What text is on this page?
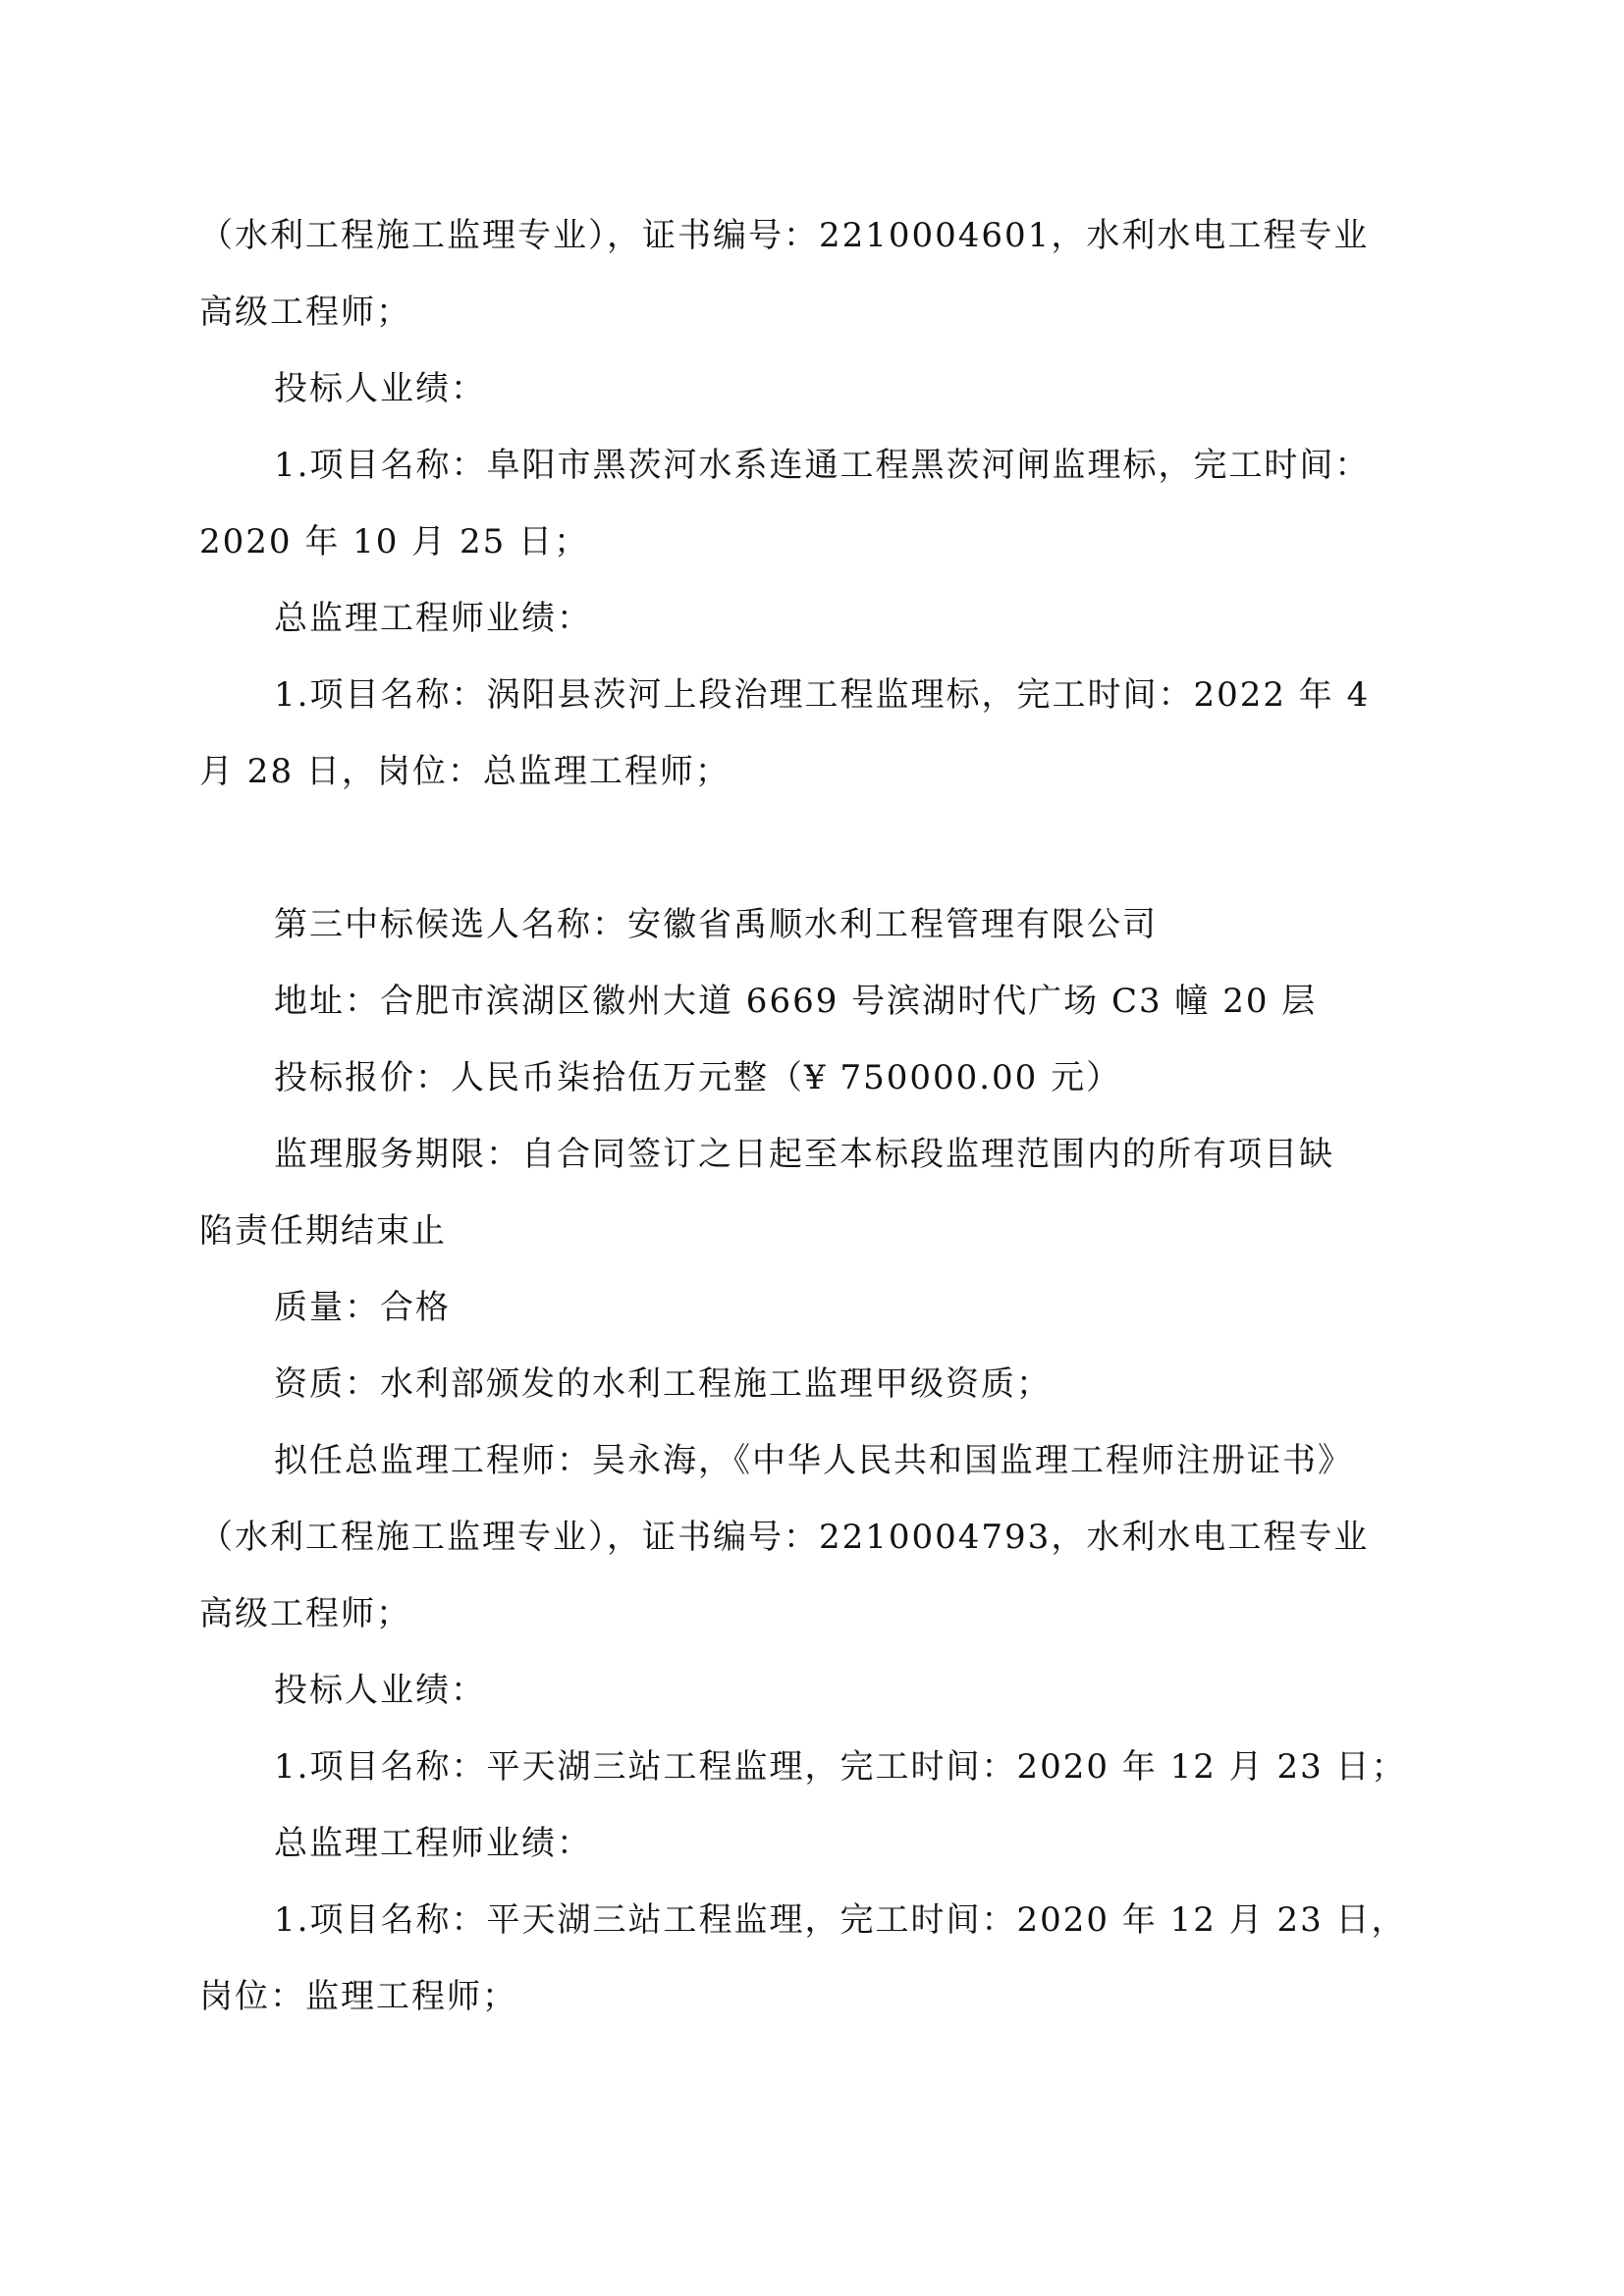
（水利工程施工监理专业），证书编号：2210004601，水利水电工程专业
高级工程师；
投标人业绩：
1.项目名称：阜阳市黑茨河水系连通工程黑茨河闸监理标，完工时间：
2020 年 10 月 25 日；
总监理工程师业绩：
1.项目名称：涡阳县茨河上段治理工程监理标，完工时间：2022 年 4
月 28 日，岗位：总监理工程师；
第三中标候选人名称：安徽省禹顺水利工程管理有限公司
地址：合肥市滨湖区徽州大道 6669 号滨湖时代广场 C3 幢 20 层
投标报价：人民币柒拾伍万元整（¥ 750000.00 元）
监理服务期限：自合同签订之日起至本标段监理范围内的所有项目缺
陷责任期结束止
质量：合格
资质：水利部颁发的水利工程施工监理甲级资质；
拟任总监理工程师：吴永海，《中华人民共和国监理工程师注册证书》
（水利工程施工监理专业），证书编号：2210004793，水利水电工程专业
高级工程师；
投标人业绩：
1.项目名称：平天湖三站工程监理，完工时间：2020 年 12 月 23 日；
总监理工程师业绩：
1.项目名称：平天湖三站工程监理，完工时间：2020 年 12 月 23 日，
岗位：监理工程师；
